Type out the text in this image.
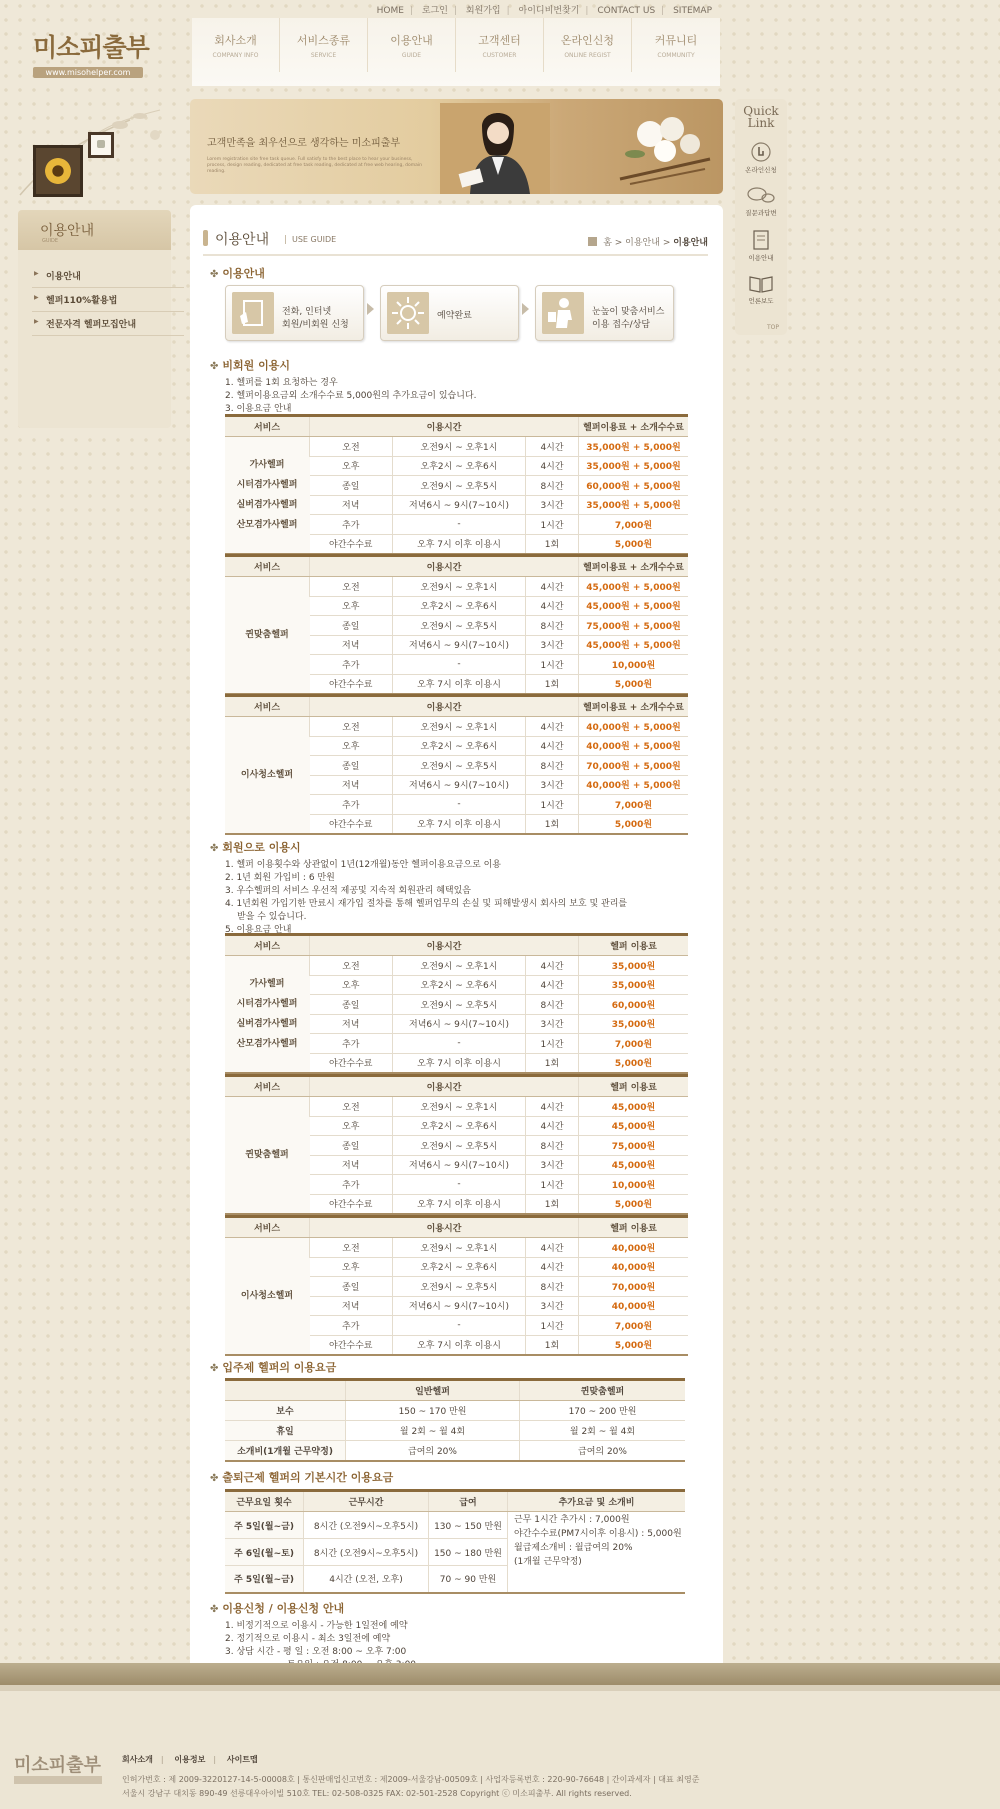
미소피출부
www.misohelper.com
HOME | 로그인 | 회원가입 | 아이디비번찾기 | CONTACT US | SITEMAP
회사소개
COMPANY INFO
서비스종류
SERVICE
이용안내
GUIDE
고객센터
CUSTOMER
온라인신청
ONLINE REGIST
커뮤니티
COMMUNITY
이용안내
GUIDE
▶ 이용안내
▶ 헬퍼110%활용법
▶ 전문자격 헬퍼모집안내
고객만족을 최우선으로 생각하는 미소피출부
Lorem registration site free task queue. Full satisfy to the best place to hear your business, process, design reading, dedicated at free task reading, dedicated at free web hearing, domain reading.
Quick
Link
온라인신청
질문과답변
이용안내
언론보도
TOP
이용안내	USE GUIDE	홈 > 이용안내 > 이용안내
✤ 이용안내
전화, 인터넷
회원/비회원 신청
예약완료	눈높이 맞춤서비스
이용 접수/상담
✤ 비회원 이용시
1. 헬퍼를 1회 요청하는 경우
2. 헬퍼이용요금외 소개수수료 5,000원의 추가요금이 있습니다.
3. 이용요금 안내
서비스	이용시간			헬퍼이용료 + 소개수수료
가사헬퍼
시터겸가사헬퍼
실버겸가사헬퍼
산모겸가사헬퍼	오전	오전9시 ~ 오후1시	4시간	35,000원 + 5,000원
	오후	오후2시 ~ 오후6시	4시간	35,000원 + 5,000원
	종일	오전9시 ~ 오후5시	8시간	60,000원 + 5,000원
	저녁	저녁6시 ~ 9시(7~10시)	3시간	35,000원 + 5,000원
	추가	-	1시간	7,000원
	야간수수료	오후 7시 이후 이용시	1회	5,000원
서비스	이용시간			헬퍼이용료 + 소개수수료
퀸맞춤헬퍼	오전	오전9시 ~ 오후1시	4시간	45,000원 + 5,000원
	오후	오후2시 ~ 오후6시	4시간	45,000원 + 5,000원
	종일	오전9시 ~ 오후5시	8시간	75,000원 + 5,000원
	저녁	저녁6시 ~ 9시(7~10시)	3시간	45,000원 + 5,000원
	추가	-	1시간	10,000원
	야간수수료	오후 7시 이후 이용시	1회	5,000원
서비스	이용시간			헬퍼이용료 + 소개수수료
이사청소헬퍼	오전	오전9시 ~ 오후1시	4시간	40,000원 + 5,000원
	오후	오후2시 ~ 오후6시	4시간	40,000원 + 5,000원
	종일	오전9시 ~ 오후5시	8시간	70,000원 + 5,000원
	저녁	저녁6시 ~ 9시(7~10시)	3시간	40,000원 + 5,000원
	추가	-	1시간	7,000원
	야간수수료	오후 7시 이후 이용시	1회	5,000원
✤ 회원으로 이용시
1. 헬퍼 이용횟수와 상관없이 1년(12개월)동안 헬퍼이용요금으로 이용
2. 1년 회원 가입비 : 6 만원
3. 우수헬퍼의 서비스 우선적 제공및 지속적 회원관리 혜택있음
4. 1년회원 가입기한 만료시 재가입 절차를 통해 헬퍼업무의 손실 및 피해발생시 회사의 보호 및 관리를
받을 수 있습니다.
5. 이용요금 안내
서비스	이용시간			헬퍼 이용료
가사헬퍼
시터겸가사헬퍼
실버겸가사헬퍼
산모겸가사헬퍼	오전	오전9시 ~ 오후1시	4시간	35,000원
	오후	오후2시 ~ 오후6시	4시간	35,000원
	종일	오전9시 ~ 오후5시	8시간	60,000원
	저녁	저녁6시 ~ 9시(7~10시)	3시간	35,000원
	추가	-	1시간	7,000원
	야간수수료	오후 7시 이후 이용시	1회	5,000원
서비스	이용시간			헬퍼 이용료
퀸맞춤헬퍼	오전	오전9시 ~ 오후1시	4시간	45,000원
	오후	오후2시 ~ 오후6시	4시간	45,000원
	종일	오전9시 ~ 오후5시	8시간	75,000원
	저녁	저녁6시 ~ 9시(7~10시)	3시간	45,000원
	추가	-	1시간	10,000원
	야간수수료	오후 7시 이후 이용시	1회	5,000원
서비스	이용시간			헬퍼 이용료
이사청소헬퍼	오전	오전9시 ~ 오후1시	4시간	40,000원
	오후	오후2시 ~ 오후6시	4시간	40,000원
	종일	오전9시 ~ 오후5시	8시간	70,000원
	저녁	저녁6시 ~ 9시(7~10시)	3시간	40,000원
	추가	-	1시간	7,000원
	야간수수료	오후 7시 이후 이용시	1회	5,000원
✤ 입주제 헬퍼의 이용요금
	일반헬퍼	퀸맞춤헬퍼
보수	150 ~ 170 만원	170 ~ 200 만원
휴일	월 2회 ~ 월 4회	월 2회 ~ 월 4회
소개비(1개월 근무약정)	급여의 20%	급여의 20%
✤ 출퇴근제 헬퍼의 기본시간 이용요금
근무요일 횟수	근무시간	급여	추가요금 및 소개비
주 5일(월~금)	8시간 (오전9시~오후5시)	130 ~ 150 만원	근무 1시간 추가시 : 7,000원
야간수수료(PM7시이후 이용시) : 5,000원
월급제소개비 : 월급여의 20%
(1개월 근무약정)
주 6일(월~토)	8시간 (오전9시~오후5시)	150 ~ 180 만원	
주 5일(월~금)	4시간 (오전, 오후)	70 ~ 90 만원	
✤ 이용신청 / 이용신청 안내
1. 비정기적으로 이용시 - 가능한 1일전에 예약
2. 정기적으로 이용시 - 최소 3일전에 예약
3. 상담 시간 - 평 일 : 오전 8:00 ~ 오후 7:00
미소피출부	회사소개 | 이용정보 | 사이트맵
인허가번호 : 제 2009-3220127-14-5-00008호 | 통신판매업신고번호 : 제2009-서울강남-00509호 | 사업자등록번호 : 220-90-76648 | 간이과세자 | 대표 최영준
서울시 강남구 대치동 890-49 선릉대우아이빌 510호 TEL: 02-508-0325 FAX: 02-501-2528 Copyright ⓒ 미소피출부. All rights reserved.
